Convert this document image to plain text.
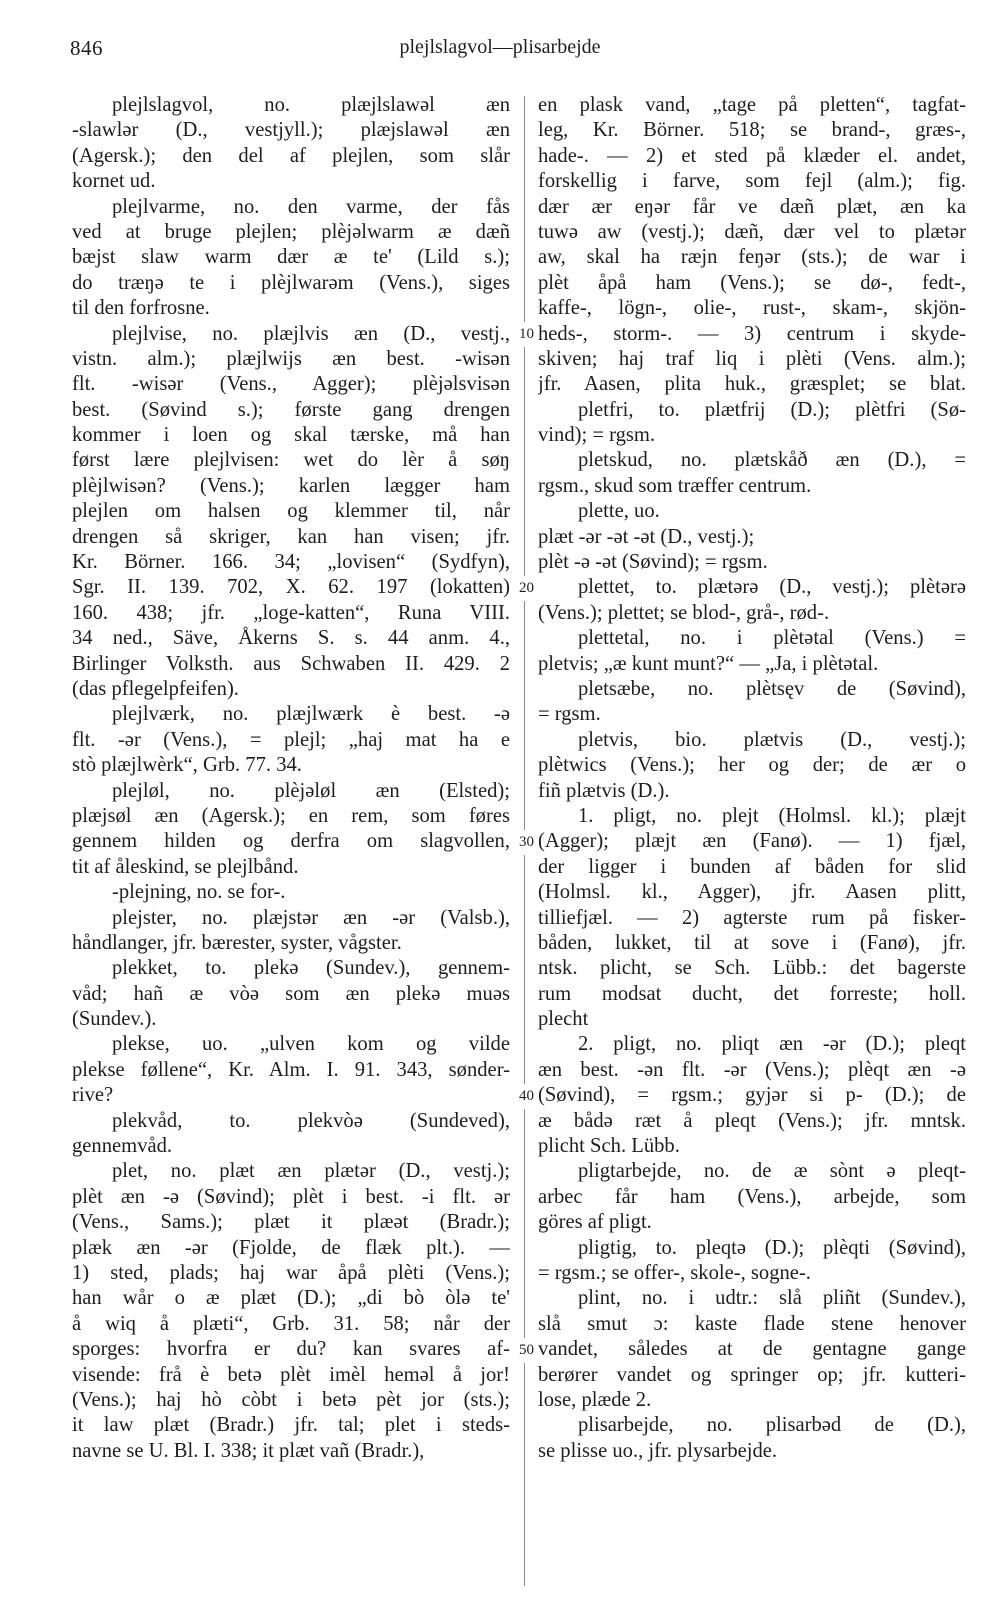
846	plejlslagvol—plisarbejde
plejlslagvol, no. plæjlslawəl æn
-slawlər (D., vestjyll.); plæjslawəl æn
(Agersk.); den del af plejlen, som slår
kornet ud.
plejlvarme, no. den varme, der fås
ved at bruge plejlen; plèjəlwarm æ dæñ
bæjst slaw warm dær æ te' (Lild s.);
do træŋə te i plèjlwarəm (Vens.), siges
til den forfrosne.
plejlvise, no. plæjlvis æn (D., vestj.,
vistn. alm.); plæjlwijs æn best. -wisən
flt. -wisər (Vens., Agger); plèjəlsvisən
best. (Søvind s.); første gang drengen
kommer i loen og skal tærske, må han
først lære plejlvisen: wet do lèr å søŋ
plèjlwisən? (Vens.); karlen lægger ham
plejlen om halsen og klemmer til, når
drengen så skriger, kan han visen; jfr.
Kr. Börner. 166. 34; „lovisen“ (Sydfyn),
Sgr. II. 139. 702, X. 62. 197 (lokatten)
160. 438; jfr. „loge-katten“, Runa VIII.
34 ned., Säve, Åkerns S. s. 44 anm. 4.,
Birlinger Volksth. aus Schwaben II. 429. 2
(das pflegelpfeifen).
plejlværk, no. plæjlwærk è best. -ə
flt. -ər (Vens.), = plejl; „haj mat ha e
stò plæjlwèrk“, Grb. 77. 34.
plejløl, no. plèjəløl æn (Elsted);
plæjsøl æn (Agersk.); en rem, som føres
gennem hilden og derfra om slagvollen,
tit af åleskind, se plejlbånd.
-plejning, no. se for-.
plejster, no. plæjstər æn -ər (Valsb.),
håndlanger, jfr. bærester, syster, vågster.
plekket, to. plekə (Sundev.), gennem-
våd; hañ æ vòə som æn plekə muəs
(Sundev.).
plekse, uo. „ulven kom og vilde
plekse føllene“, Kr. Alm. I. 91. 343, sønder-
rive?
plekvåd, to. plekvòə (Sundeved),
gennemvåd.
plet, no. plæt æn plætər (D., vestj.);
plèt æn -ə (Søvind); plèt i best. -i flt. ər
(Vens., Sams.); plæt it plæət (Bradr.);
plæk æn -ər (Fjolde, de flæk plt.). —
1) sted, plads; haj war åpå plèti (Vens.);
han wår o æ plæt (D.); „di bò òlə te'
å wiq å plæti“, Grb. 31. 58; når der
sporges: hvorfra er du? kan svares af-
visende: frå è betə plèt imèl heməl å jor!
(Vens.); haj hò còbt i betə pèt jor (sts.);
it law plæt (Bradr.) jfr. tal; plet i steds-
navne se U. Bl. I. 338; it plæt vañ (Bradr.),
en plask vand, „tage på pletten“, tagfat-
leg, Kr. Börner. 518; se brand-, græs-,
hade-. — 2) et sted på klæder el. andet,
forskellig i farve, som fejl (alm.); fig.
dær ær eŋər får ve dæñ plæt, æn ka
tuwə aw (vestj.); dæñ, dær vel to plætər
aw, skal ha ræjn feŋər (sts.); de war i
plèt åpå ham (Vens.); se dø-, fedt-,
kaffe-, lögn-, olie-, rust-, skam-, skjön-
heds-, storm-. — 3) centrum i skyde-
skiven; haj traf liq i plèti (Vens. alm.);
jfr. Aasen, plita huk., græsplet; se blat.
pletfri, to. plætfrij (D.); plètfri (Sø-
vind); = rgsm.
pletskud, no. plætskåð æn (D.), =
rgsm., skud som træffer centrum.
plette, uo.
plæt -ər -ət -ət (D., vestj.);
plèt -ə -ət (Søvind); = rgsm.
plettet, to. plætərə (D., vestj.); plètərə
(Vens.); plettet; se blod-, grå-, rød-.
plettetal, no. i plètətal (Vens.) =
pletvis; „æ kunt munt?“ — „Ja, i plètətal.
pletsæbe, no. plètsęv de (Søvind),
= rgsm.
pletvis, bio. plætvis (D., vestj.);
plètwics (Vens.); her og der; de ær o
fiñ plætvis (D.).
1. pligt, no. plejt (Holmsl. kl.); plæjt
(Agger); plæjt æn (Fanø). — 1) fjæl,
der ligger i bunden af båden for slid
(Holmsl. kl., Agger), jfr. Aasen plitt,
tilliefjæl. — 2) agterste rum på fisker-
båden, lukket, til at sove i (Fanø), jfr.
ntsk. plicht, se Sch. Lübb.: det bagerste
rum modsat ducht, det forreste; holl.
plecht
2. pligt, no. pliqt æn -ər (D.); pleqt
æn best. -ən flt. -ər (Vens.); plèqt æn -ə
(Søvind), = rgsm.; gyjər si p- (D.); de
æ bådə ræt å pleqt (Vens.); jfr. mntsk.
plicht Sch. Lübb.
pligtarbejde, no. de æ sònt ə pleqt-
arbec får ham (Vens.), arbejde, som
göres af pligt.
pligtig, to. pleqtə (D.); plèqti (Søvind),
= rgsm.; se offer-, skole-, sogne-.
plint, no. i udtr.: slå pliñt (Sundev.),
slå smut ɔ: kaste flade stene henover
vandet, således at de gentagne gange
berører vandet og springer op; jfr. kutteri-
lose, plæde 2.
plisarbejde, no. plisarbəd de (D.),
se plisse uo., jfr. plysarbejde.
10
20
30
40
50
